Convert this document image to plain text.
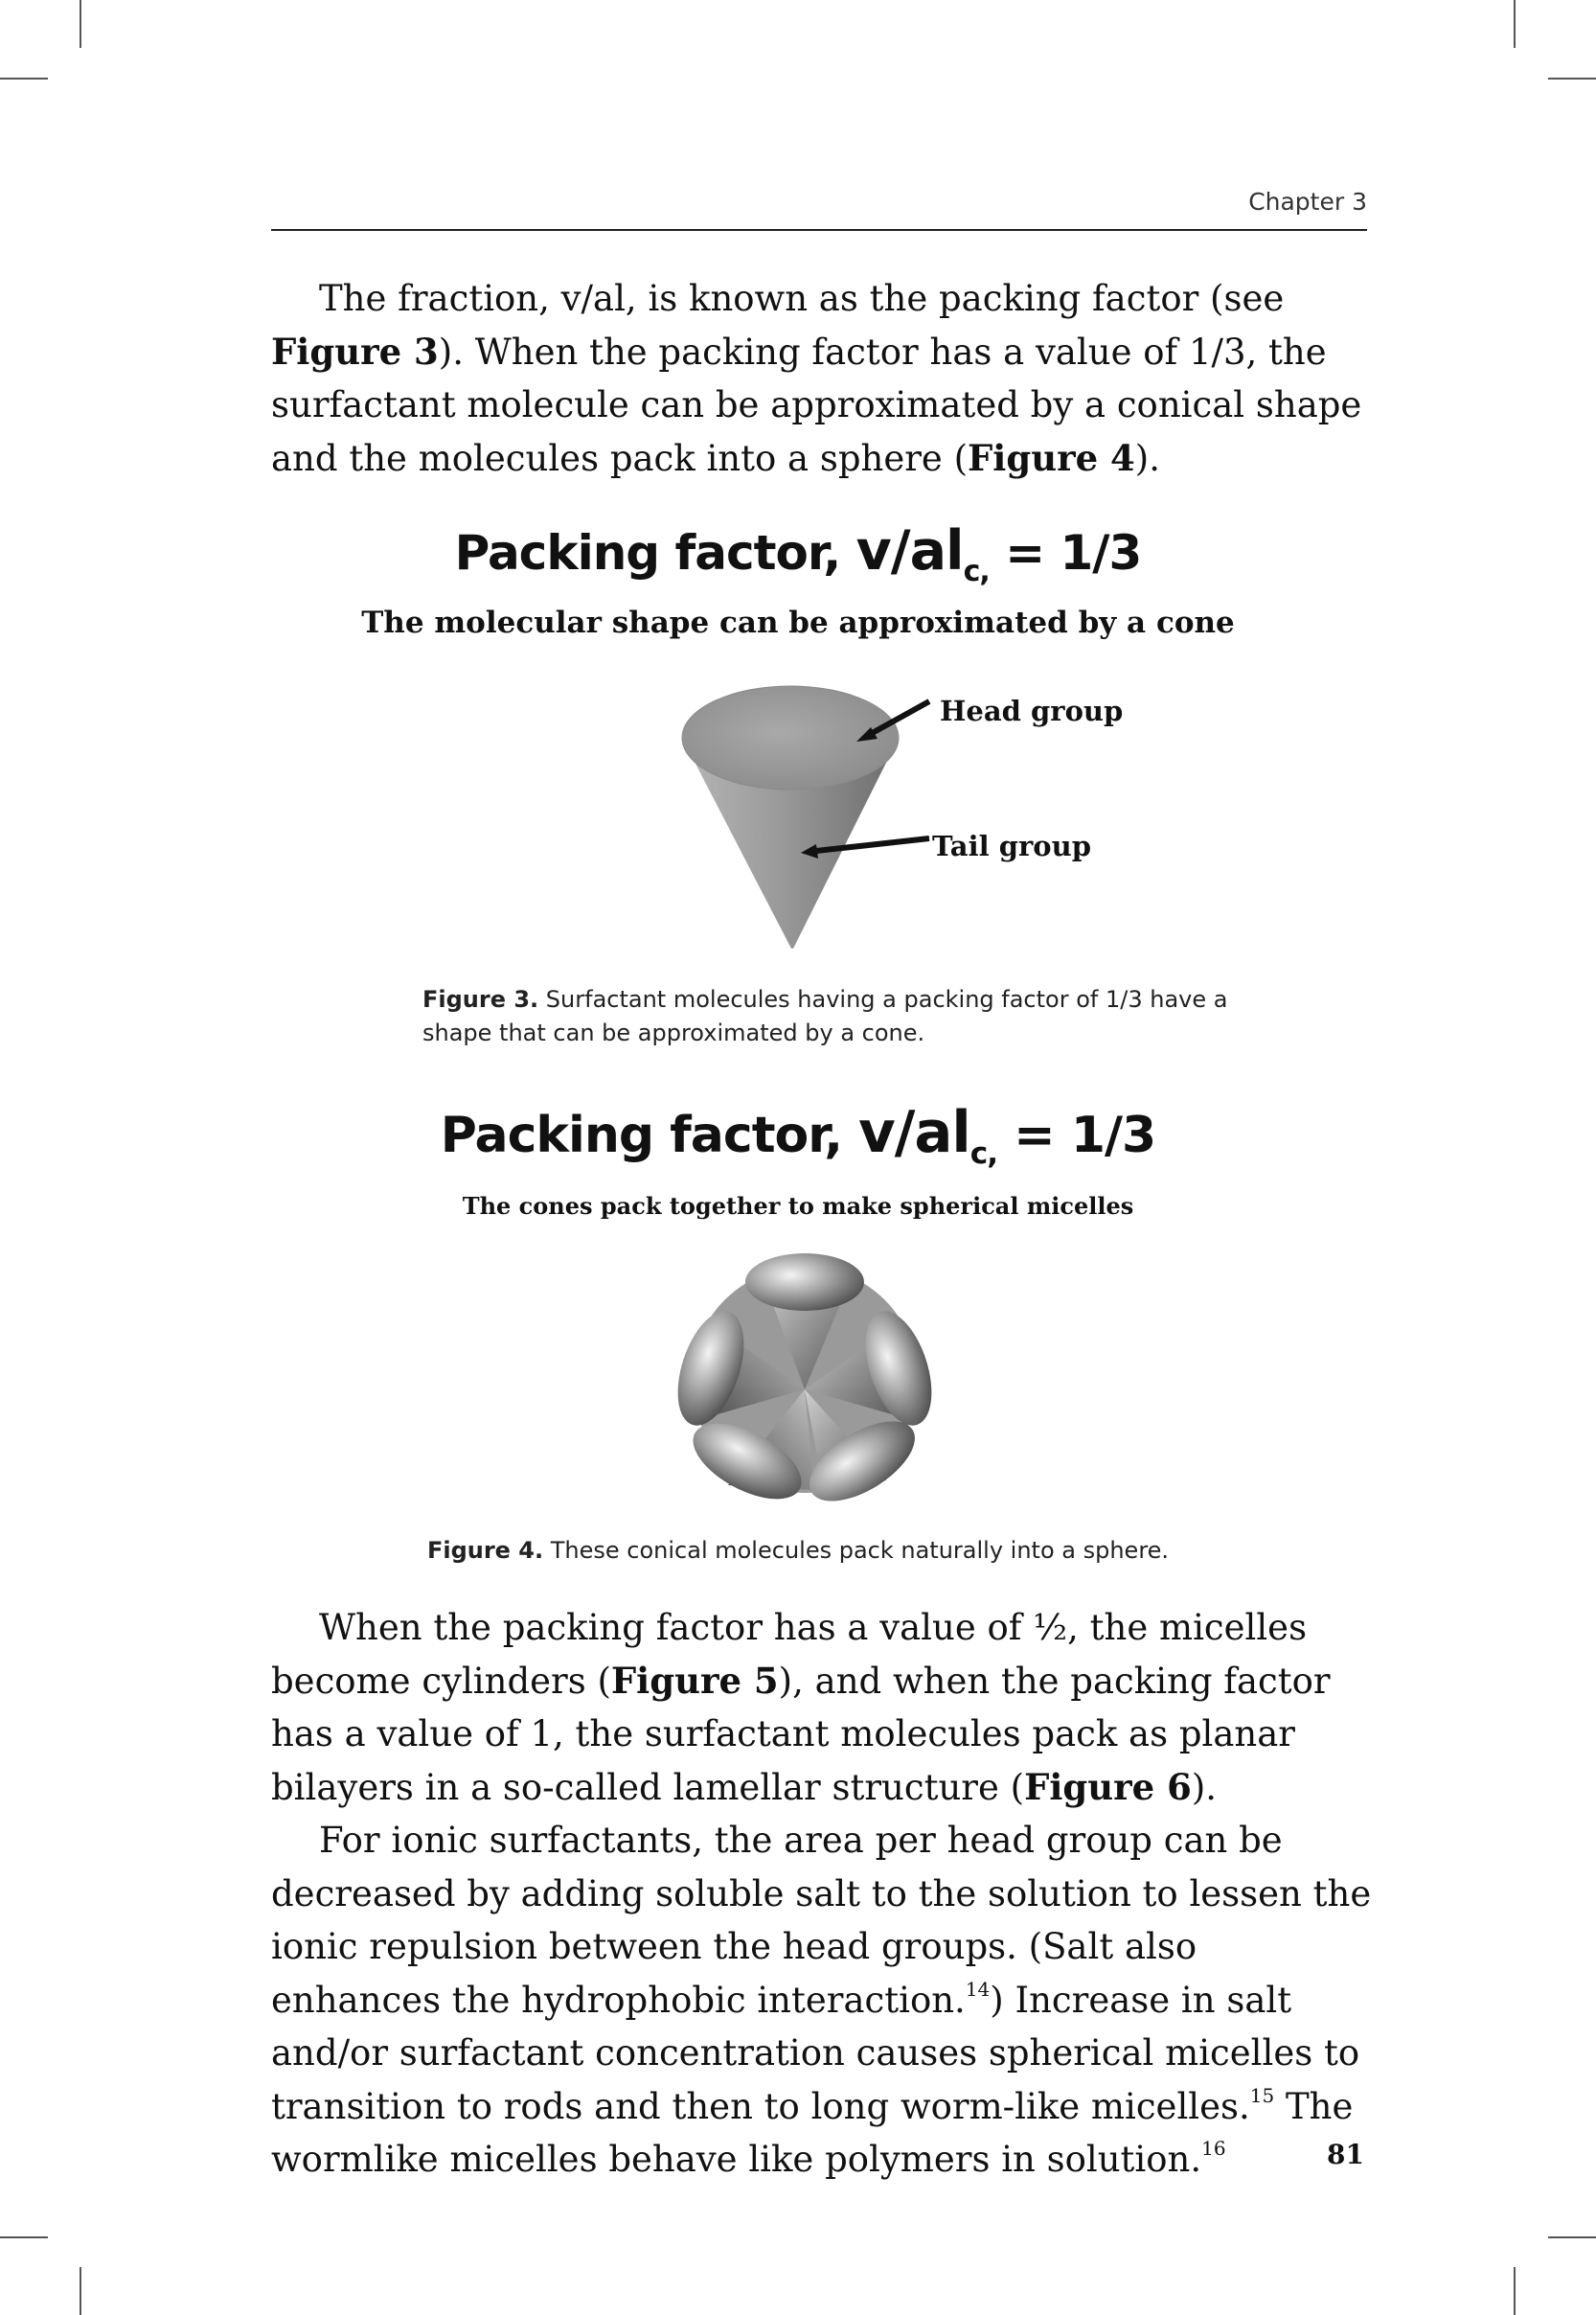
Chapter 3

The fraction, v/al, is known as the packing factor (see Figure 3). When the packing factor has a value of 1/3, the surfactant molecule can be approximated by a conical shape and the molecules pack into a sphere (Figure 4).

Packing factor, $v/al_{c,} = 1/3$
The molecular shape can be approximated by a cone
Head group
Tail group
Figure 3. Surfactant molecules having a packing factor of 1/3 have a shape that can be approximated by a cone.
Packing factor, $v/al_{c,} = 1/3$
The cones pack together to make spherical micelles
Figure 4. These conical molecules pack naturally into a sphere.

When the packing factor has a value of ½, the micelles become cylinders (Figure 5), and when the packing factor has a value of 1, the surfactant molecules pack as planar bilayers in a so-called lamellar structure (Figure 6).

For ionic surfactants, the area per head group can be decreased by adding soluble salt to the solution to lessen the ionic repulsion between the head groups. (Salt also enhances the hydrophobic interaction.$^{14}$) Increase in salt and/or surfactant concentration causes spherical micelles to transition to rods and then to long worm-like micelles.$^{15}$ The wormlike micelles behave like polymers in solution.$^{16}$	81
